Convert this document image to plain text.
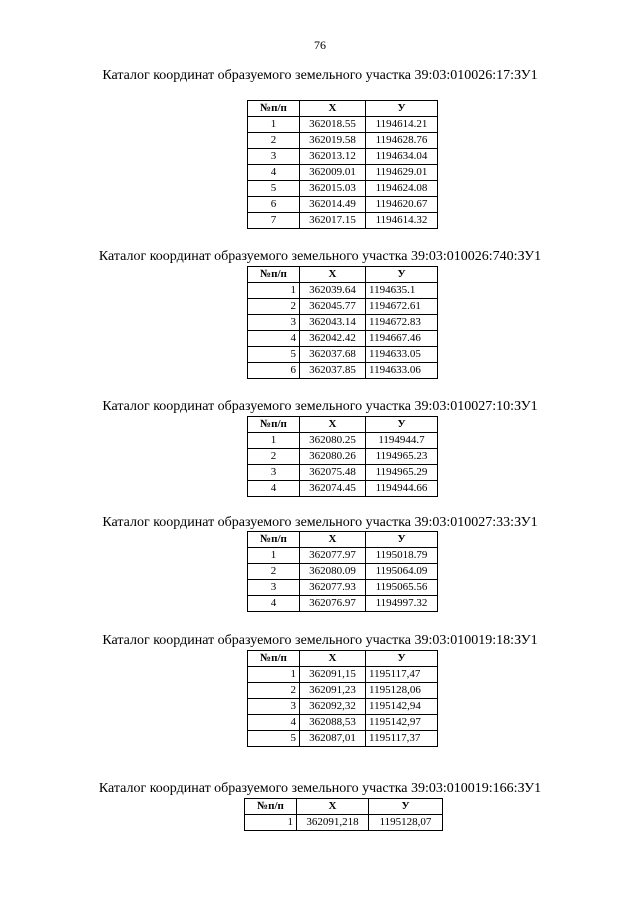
76
Каталог координат образуемого земельного участка 39:03:010026:17:ЗУ1
№п/п	X	У
1	362018.55	1194614.21
2	362019.58	1194628.76
3	362013.12	1194634.04
4	362009.01	1194629.01
5	362015.03	1194624.08
6	362014.49	1194620.67
7	362017.15	1194614.32
Каталог координат образуемого земельного участка 39:03:010026:740:ЗУ1
№п/п	X	У
1	362039.64	1194635.1
2	362045.77	1194672.61
3	362043.14	1194672.83
4	362042.42	1194667.46
5	362037.68	1194633.05
6	362037.85	1194633.06
Каталог координат образуемого земельного участка 39:03:010027:10:ЗУ1
№п/п	X	У
1	362080.25	1194944.7
2	362080.26	1194965.23
3	362075.48	1194965.29
4	362074.45	1194944.66
Каталог координат образуемого земельного участка 39:03:010027:33:ЗУ1
№п/п	X	У
1	362077.97	1195018.79
2	362080.09	1195064.09
3	362077.93	1195065.56
4	362076.97	1194997.32
Каталог координат образуемого земельного участка 39:03:010019:18:ЗУ1
№п/п	X	У
1	362091,15	1195117,47
2	362091,23	1195128,06
3	362092,32	1195142,94
4	362088,53	1195142,97
5	362087,01	1195117,37
Каталог координат образуемого земельного участка 39:03:010019:166:ЗУ1
№п/п	X	У
1	362091,218	1195128,07
